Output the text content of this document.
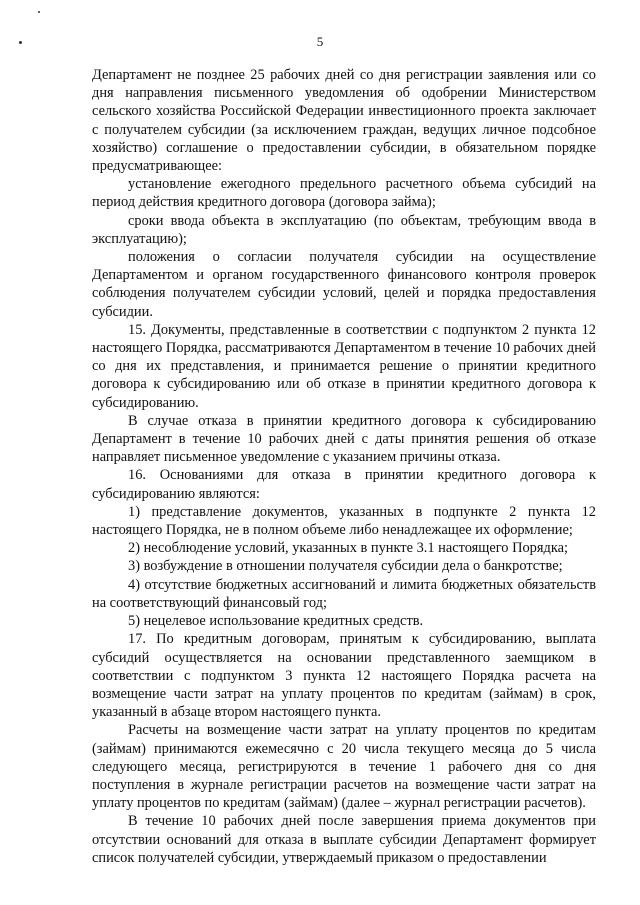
5

Департамент не позднее 25 рабочих дней со дня регистрации заявления или со дня направления письменного уведомления об одобрении Министерством сельского хозяйства Российской Федерации инвестиционного проекта заключает с получателем субсидии (за исключением граждан, ведущих личное подсобное хозяйство) соглашение о предоставлении субсидии, в обязательном порядке предусматривающее:

установление ежегодного предельного расчетного объема субсидий на период действия кредитного договора (договора займа);

сроки ввода объекта в эксплуатацию (по объектам, требующим ввода в эксплуатацию);

положения о согласии получателя субсидии на осуществление Департаментом и органом государственного финансового контроля проверок соблюдения получателем субсидии условий, целей и порядка предоставления субсидии.

15. Документы, представленные в соответствии с подпунктом 2 пункта 12 настоящего Порядка, рассматриваются Департаментом в течение 10 рабочих дней со дня их представления, и принимается решение о принятии кредитного договора к субсидированию или об отказе в принятии кредитного договора к субсидированию.

В случае отказа в принятии кредитного договора к субсидированию Департамент в течение 10 рабочих дней с даты принятия решения об отказе направляет письменное уведомление с указанием причины отказа.

16. Основаниями для отказа в принятии кредитного договора к субсидированию являются:

1) представление документов, указанных в подпункте 2 пункта 12 настоящего Порядка, не в полном объеме либо ненадлежащее их оформление;

2) несоблюдение условий, указанных в пункте 3.1 настоящего Порядка;

3) возбуждение в отношении получателя субсидии дела о банкротстве;

4) отсутствие бюджетных ассигнований и лимита бюджетных обязательств на соответствующий финансовый год;

5) нецелевое использование кредитных средств.

17. По кредитным договорам, принятым к субсидированию, выплата субсидий осуществляется на основании представленного заемщиком в соответствии с подпунктом 3 пункта 12 настоящего Порядка расчета на возмещение части затрат на уплату процентов по кредитам (займам) в срок, указанный в абзаце втором настоящего пункта.

Расчеты на возмещение части затрат на уплату процентов по кредитам (займам) принимаются ежемесячно с 20 числа текущего месяца до 5 числа следующего месяца, регистрируются в течение 1 рабочего дня со дня поступления в журнале регистрации расчетов на возмещение части затрат на уплату процентов по кредитам (займам) (далее – журнал регистрации расчетов).

В течение 10 рабочих дней после завершения приема документов при отсутствии оснований для отказа в выплате субсидии Департамент формирует список получателей субсидии, утверждаемый приказом о предоставлении
